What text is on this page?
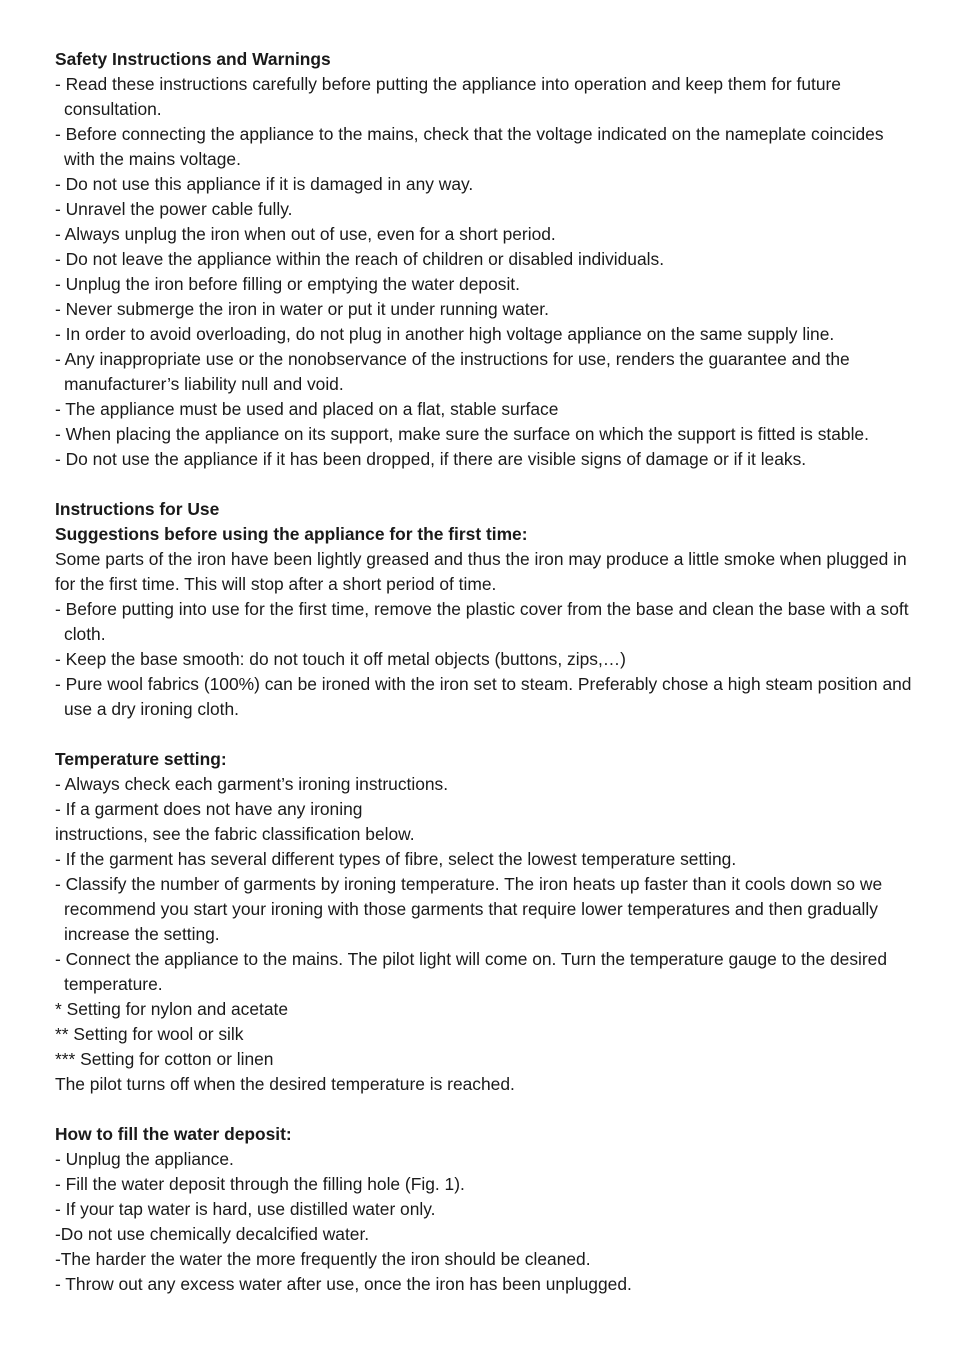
Safety Instructions and Warnings

- Read these instructions carefully before putting the appliance into operation and keep them for future consultation.

- Before connecting the appliance to the mains, check that the voltage indicated on the nameplate coincides with the mains voltage.

- Do not use this appliance if it is damaged in any way.

- Unravel the power cable fully.

- Always unplug the iron when out of use, even for a short period.

- Do not leave the appliance within the reach of children or disabled individuals.

- Unplug the iron before filling or emptying the water deposit.

- Never submerge the iron in water or put it under running water.

- In order to avoid overloading, do not plug in another high voltage appliance on the same supply line.

- Any inappropriate use or the nonobservance of the instructions for use, renders the guarantee and the manufacturer’s liability null and void.

- The appliance must be used and placed on a flat, stable surface

- When placing the appliance on its support, make sure the surface on which the support is fitted is stable.

- Do not use the appliance if it has been dropped, if there are visible signs of damage or if it leaks.

Instructions for Use

Suggestions before using the appliance for the first time:

Some parts of the iron have been lightly greased and thus the iron may produce a little smoke when plugged in for the first time. This will stop after a short period of time.

- Before putting into use for the first time, remove the plastic cover from the base and clean the base with a soft cloth.

- Keep the base smooth: do not touch it off metal objects (buttons, zips,…)

- Pure wool fabrics (100%) can be ironed with the iron set to steam. Preferably chose a high steam position and use a dry ironing cloth.

Temperature setting:

- Always check each garment’s ironing instructions.

- If a garment does not have any ironing

instructions, see the fabric classification below.

- If the garment has several different types of fibre, select the lowest temperature setting.

- Classify the number of garments by ironing temperature. The iron heats up faster than it cools down so we recommend you start your ironing with those garments that require lower temperatures and then gradually increase the setting.

- Connect the appliance to the mains. The pilot light will come on. Turn the temperature gauge to the desired temperature.

* Setting for nylon and acetate

** Setting for wool or silk

*** Setting for cotton or linen

The pilot turns off when the desired temperature is reached.

How to fill the water deposit:

- Unplug the appliance.

- Fill the water deposit through the filling hole (Fig. 1).

- If your tap water is hard, use distilled water only.

-Do not use chemically decalcified water.

-The harder the water the more frequently the iron should be cleaned.

- Throw out any excess water after use, once the iron has been unplugged.
